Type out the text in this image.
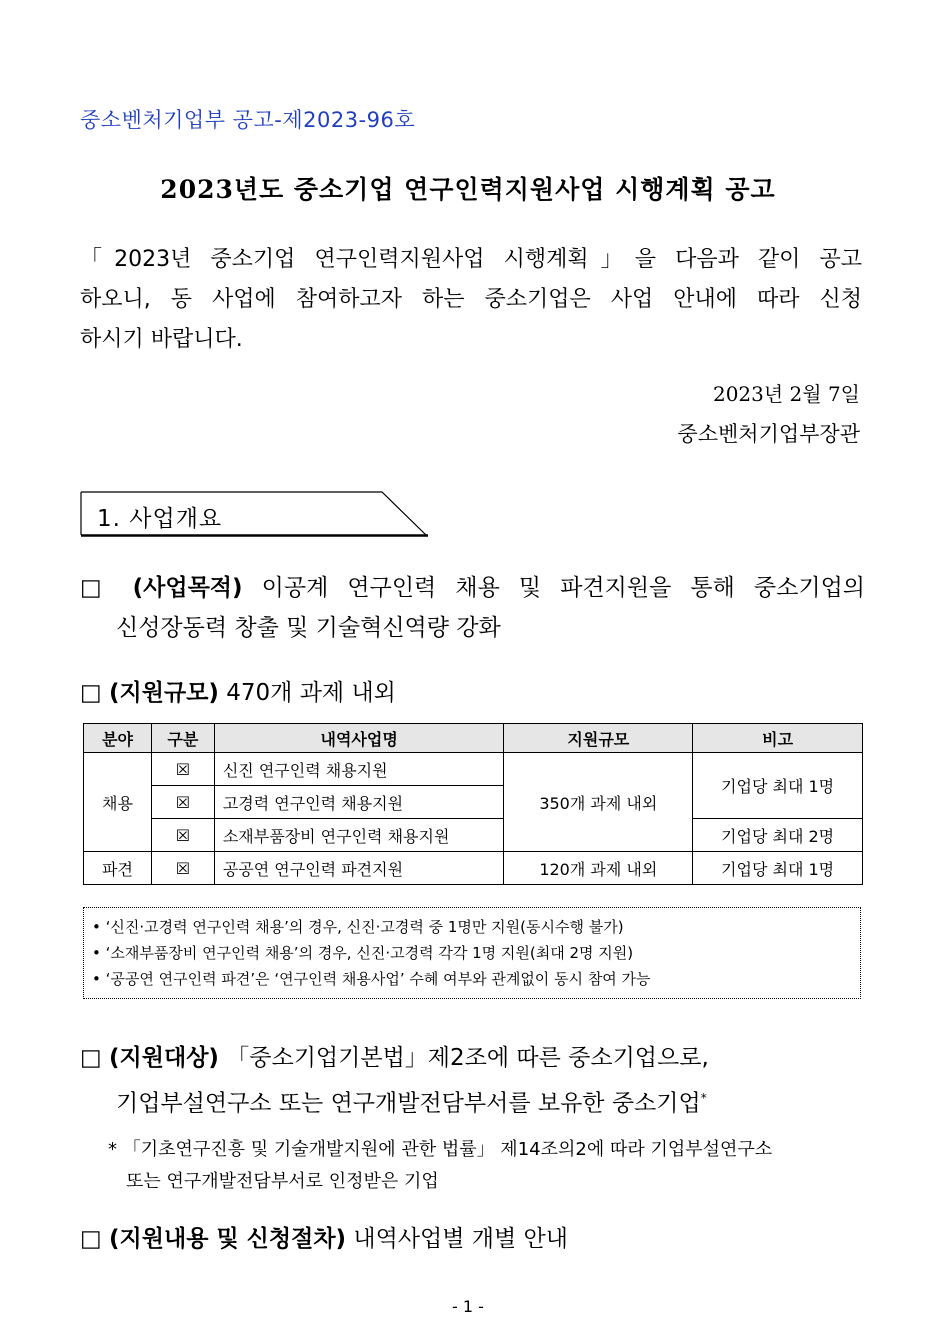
중소벤처기업부 공고-제2023-96호
2023년도 중소기업 연구인력지원사업 시행계획 공고
「2023년 중소기업 연구인력지원사업 시행계획」을 다음과 같이 공고
하오니, 동 사업에 참여하고자 하는 중소기업은 사업 안내에 따라 신청
하시기 바랍니다.
2023년 2월 7일
중소벤처기업부장관
1. 사업개요
□ (사업목적) 이공계 연구인력 채용 및 파견지원을 통해 중소기업의
신성장동력 창출 및 기술혁신역량 강화
□ (지원규모) 470개 과제 내외
분야	구분	내역사업명	지원규모	비고
채용	☒	신진 연구인력 채용지원	350개 과제 내외	기업당 최대 1명
	☒	고경력 연구인력 채용지원		
	☒	소재부품장비 연구인력 채용지원		기업당 최대 2명
파견	☒	공공연 연구인력 파견지원	120개 과제 내외	기업당 최대 1명
• ‘신진·고경력 연구인력 채용’의 경우, 신진·고경력 중 1명만 지원(동시수행 불가)
• ‘소재부품장비 연구인력 채용’의 경우, 신진·고경력 각각 1명 지원(최대 2명 지원)
• ‘공공연 연구인력 파견’은 ‘연구인력 채용사업’ 수혜 여부와 관계없이 동시 참여 가능
□ (지원대상) 「중소기업기본법」제2조에 따른 중소기업으로,
기업부설연구소 또는 연구개발전담부서를 보유한 중소기업*
* 「기초연구진흥 및 기술개발지원에 관한 법률」 제14조의2에 따라 기업부설연구소
또는 연구개발전담부서로 인정받은 기업
□ (지원내용 및 신청절차) 내역사업별 개별 안내
- 1 -
